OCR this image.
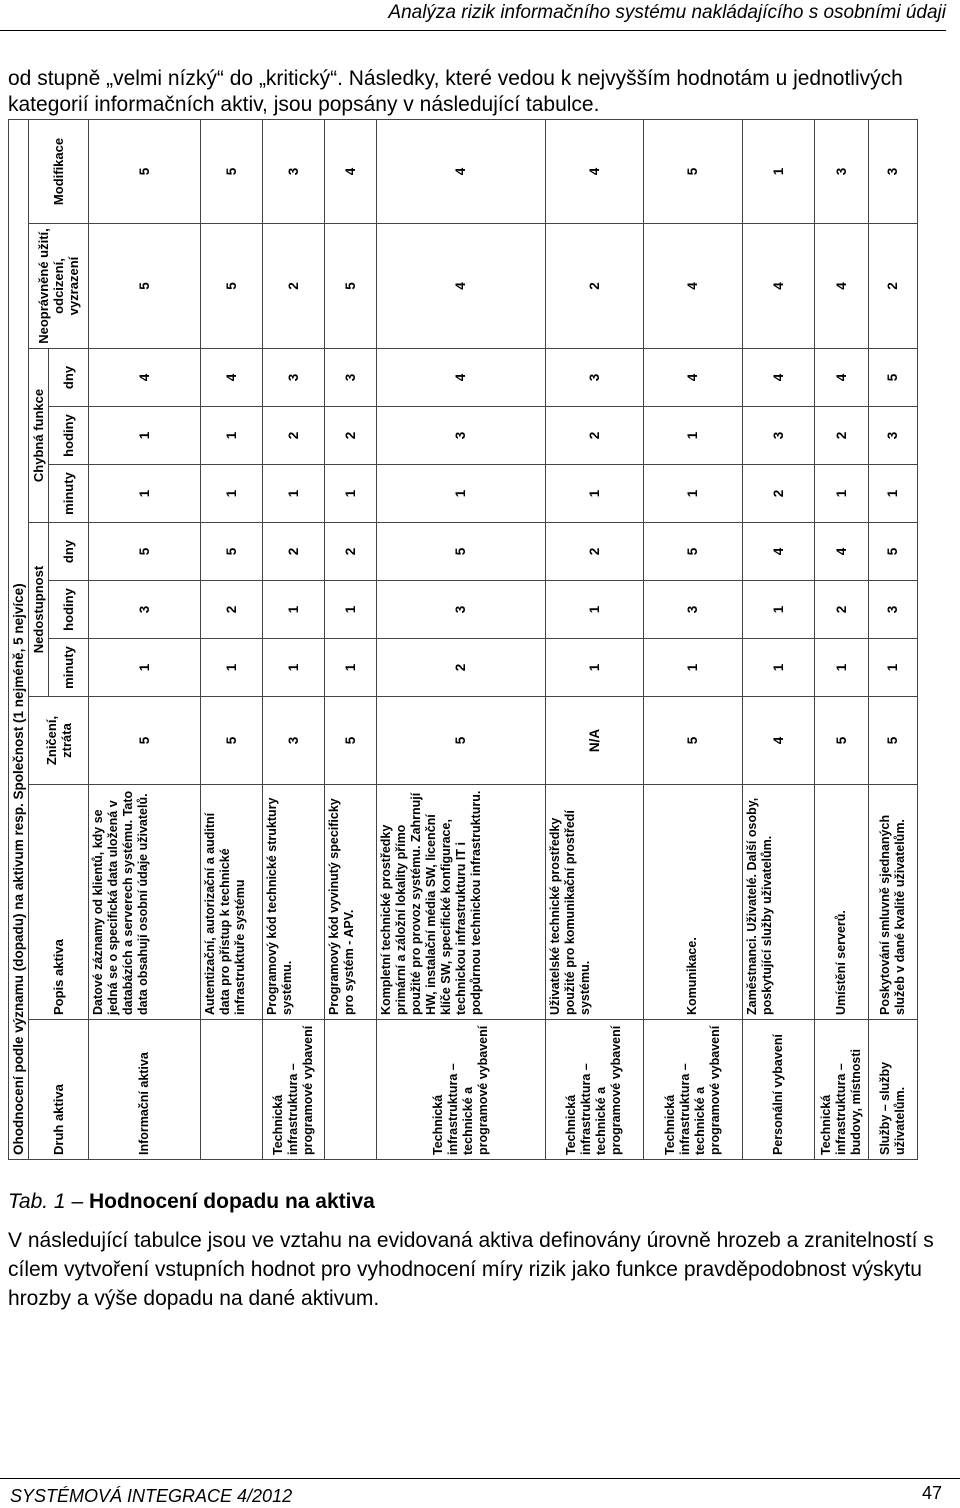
Analýza rizik informačního systému nakládajícího s osobními údaji
od stupně „velmi nízký“ do „kritický“. Následky, které vedou k nejvyšším hodnotám u jednotlivých kategorií informačních aktiv, jsou popsány v následující tabulce.
Ohodnocení podle významu (dopadu) na aktivum resp. Společnost (1 nejméně, 5 nejvíce)										
Druh aktiva	Popis aktiva	Zničení, ztráta	Nedostupnost			Chybná funkce			Neoprávněné užití, odcizení, vyzrazení	Modifikace
			minuty	hodiny	dny	minuty	hodiny	dny		
Informační aktiva	Datové záznamy od klientů, kdy se jedná se o specifická data uložená v databázích a serverech systému. Tato data obsahují osobní údaje uživatelů.	5	1	3	5	1	1	4	5	5
	Autentizační, autorizační a auditní data pro přístup k technické infrastruktuře systému	5	1	2	5	1	1	4	5	5
Technická infrastruktura – programové vybavení	Programový kód technické struktury systému.	3	1	1	2	1	2	3	2	3
	Programový kód vyvinutý specificky pro systém - APV.	5	1	1	2	1	2	3	5	4
Technická infrastruktura – technické a programové vybavení	Kompletní technické prostředky primární a záložní lokality přímo použité pro provoz systému. Zahrnují HW, instalační média SW, licenční klíče SW, specifické konfigurace, technickou infrastrukturu IT i podpůrnou technickou infrastrukturu.	5	2	3	5	1	3	4	4	4
Technická infrastruktura – technické a programové vybavení	Uživatelské technické prostředky použité pro komunikační prostředí systému.	N/A	1	1	2	1	2	3	2	4
Technická infrastruktura – technické a programové vybavení	Komunikace.	5	1	3	5	1	1	4	4	5
Personální vybavení	Zaměstnanci. Uživatelé. Další osoby, poskytující služby uživatelům.	4	1	1	4	2	3	4	4	1
Technická infrastruktura – budovy, místnosti	Umístění serverů.	5	1	2	4	1	2	4	4	3
Služby – služby uživatelům.	Poskytování smluvně sjednaných služeb v dané kvalitě uživatelům.	5	1	3	5	1	3	5	2	3
Tab. 1 – Hodnocení dopadu na aktiva
V následující tabulce jsou ve vztahu na evidovaná aktiva definovány úrovně hrozeb a zranitelností s cílem vytvoření vstupních hodnot pro vyhodnocení míry rizik jako funkce pravděpodobnost výskytu hrozby a výše dopadu na dané aktivum.
SYSTÉMOVÁ INTEGRACE 4/2012	47
